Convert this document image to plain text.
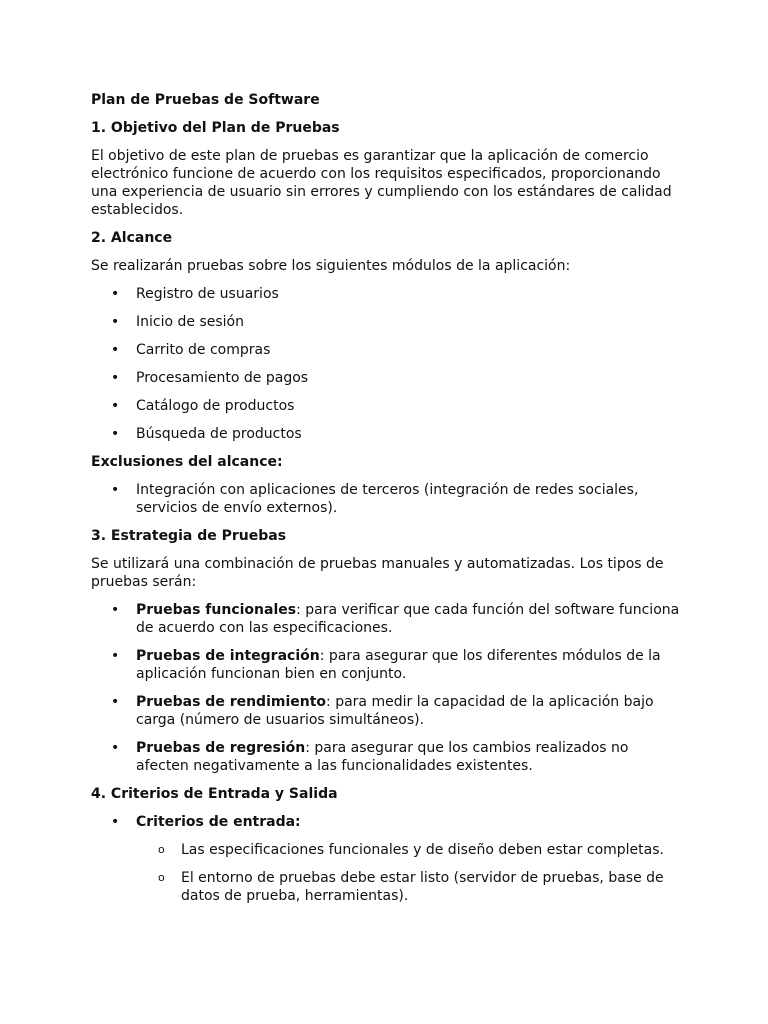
Plan de Pruebas de Software
1. Objetivo del Plan de Pruebas

El objetivo de este plan de pruebas es garantizar que la aplicación de comercio electrónico funcione de acuerdo con los requisitos especificados, proporcionando una experiencia de usuario sin errores y cumpliendo con los estándares de calidad establecidos.

2. Alcance

Se realizarán pruebas sobre los siguientes módulos de la aplicación:

• Registro de usuarios
• Inicio de sesión
• Carrito de compras
• Procesamiento de pagos
• Catálogo de productos
• Búsqueda de productos
Exclusiones del alcance:
• Integración con aplicaciones de terceros (integración de redes sociales, servicios de envío externos).
3. Estrategia de Pruebas

Se utilizará una combinación de pruebas manuales y automatizadas. Los tipos de pruebas serán:

• Pruebas funcionales: para verificar que cada función del software funciona de acuerdo con las especificaciones.
• Pruebas de integración: para asegurar que los diferentes módulos de la aplicación funcionan bien en conjunto.
• Pruebas de rendimiento: para medir la capacidad de la aplicación bajo carga (número de usuarios simultáneos).
• Pruebas de regresión: para asegurar que los cambios realizados no afecten negativamente a las funcionalidades existentes.
4. Criterios de Entrada y Salida
• Criterios de entrada:
o Las especificaciones funcionales y de diseño deben estar completas.
o El entorno de pruebas debe estar listo (servidor de pruebas, base de datos de prueba, herramientas).
